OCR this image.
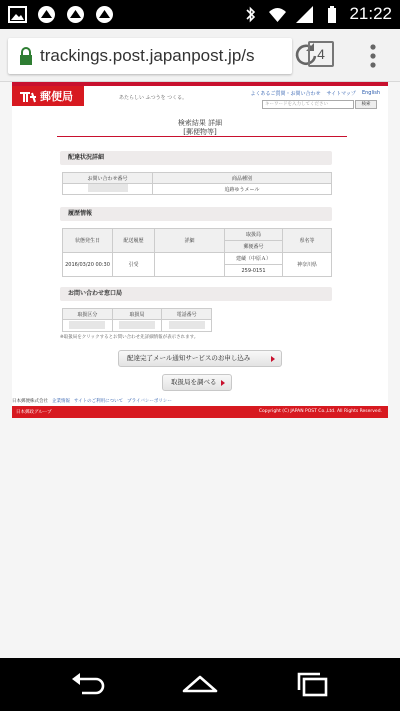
21:22
trackings.post.japanpost.jp/s	4
郵便局	あたらしい ふつうを つくる。
よくあるご質問・お問い合わせ サイトマップ English
キーワードを入力してください	検索
検索結果 詳細
[郵便物等]
配達状況詳細
お問い合わせ番号	商品種別
	追跡ゆうメール
履歴情報
状態発生日	配送履歴	詳細	取扱局	県名等
			郵便番号	
2016/03/20 00:30	引受		建蔵（中原Ａ）	神奈川県
			259-0151	
お問い合わせ窓口局
取扱区分	取扱局	電話番号

※取扱局をクリックするとお問い合わせ先詳細情報が表示されます。
配達完了メール通知サービスのお申し込み
取扱局を調べる
日本郵便株式会社 企業情報 サイトのご利用について プライバシーポリシー
日本郵政グループ	Copyright (C) JAPAN POST Co.,Ltd. All Rights Reserved.
